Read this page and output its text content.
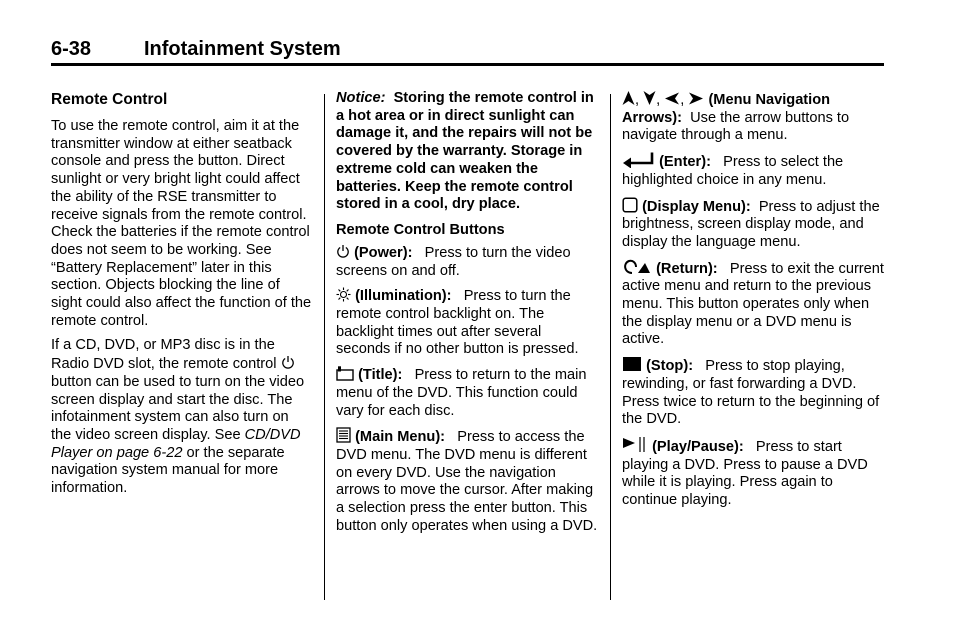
6-38	Infotainment System
Remote Control

To use the remote control, aim it at the transmitter window at either seatback console and press the button. Direct sunlight or very bright light could affect the ability of the RSE transmitter to receive signals from the remote control. Check the batteries if the remote control does not seem to be working. See “Battery Replacement” later in this section. Objects blocking the line of sight could also affect the function of the remote control.

If a CD, DVD, or MP3 disc is in the Radio DVD slot, the remote control
button can be used to turn on the video screen display and start the disc. The infotainment system can also turn on the video screen display. See CD/DVD Player on page 6-22 or the separate navigation system manual for more information.

Notice: Storing the remote control in a hot area or in direct sunlight can damage it, and the repairs will not be covered by the warranty. Storage in extreme cold can weaken the batteries. Keep the remote control stored in a cool, dry place.

Remote Control Buttons

(Power): Press to turn the video screens on and off.

(Illumination): Press to turn the remote control backlight on. The backlight times out after several seconds if no other button is pressed.

(Title): Press to return to the main menu of the DVD. This function could vary for each disc.

(Main Menu): Press to access the DVD menu. The DVD menu is different on every DVD. Use the navigation arrows to move the cursor. After making a selection press the enter button. This button only operates when using a DVD.

, , , (Menu Navigation Arrows): Use the arrow buttons to navigate through a menu.

(Enter): Press to select the highlighted choice in any menu.

(Display Menu): Press to adjust the brightness, screen display mode, and display the language menu.

(Return): Press to exit the current active menu and return to the previous menu. This button operates only when the display menu or a DVD menu is active.

(Stop): Press to stop playing, rewinding, or fast forwarding a DVD. Press twice to return to the beginning of the DVD.

(Play/Pause): Press to start playing a DVD. Press to pause a DVD while it is playing. Press again to continue playing.
